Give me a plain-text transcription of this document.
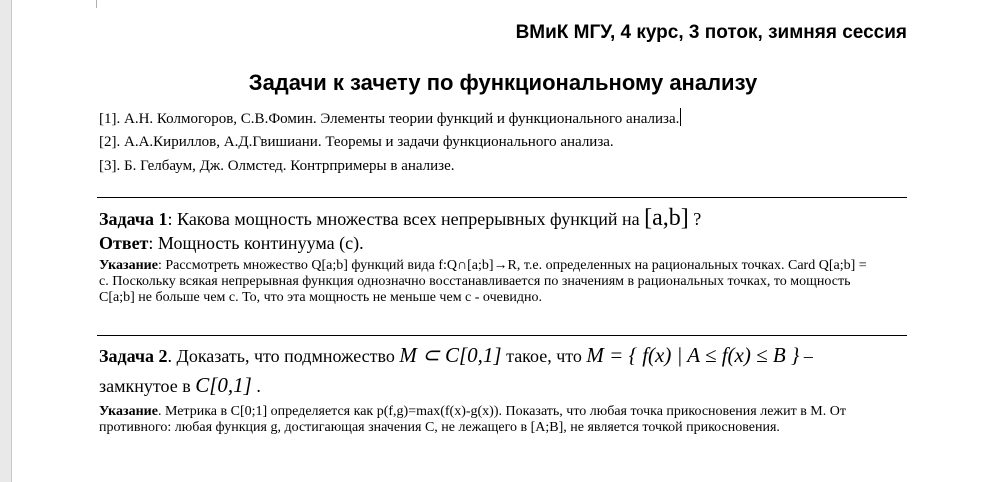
ВМиК МГУ, 4 курс, 3 поток, зимняя сессия
Задачи к зачету по функциональному анализу
[1]. А.Н. Колмогоров, С.В.Фомин. Элементы теории функций и функционального анализа.
[2]. А.А.Кириллов, А.Д.Гвишиани. Теоремы и задачи функционального анализа.
[3]. Б. Гелбаум, Дж. Олмстед. Контрпримеры в анализе.
Задача 1: Какова мощность множества всех непрерывных функций на [a,b] ?
Ответ: Мощность континуума (c).
Указание: Рассмотреть множество Q[a;b] функций вида f:Q∩[a;b]→R, т.е. определенных на рациональных точках. Card Q[a;b] = c. Поскольку всякая непрерывная функция однозначно восстанавливается по значениям в рациональных точках, то мощность C[a;b] не больше чем c. То, что эта мощность не меньше чем c - очевидно.
Задача 2. Доказать, что подмножество M ⊂ C[0,1] такое, что M = { f(x) | A ≤ f(x) ≤ B } –
замкнутое в C[0,1] .
Указание. Метрика в C[0;1] определяется как p(f,g)=max(f(x)-g(x)). Показать, что любая точка прикосновения лежит в M. От противного: любая функция g, достигающая значения C, не лежащего в [A;B], не является точкой прикосновения.
